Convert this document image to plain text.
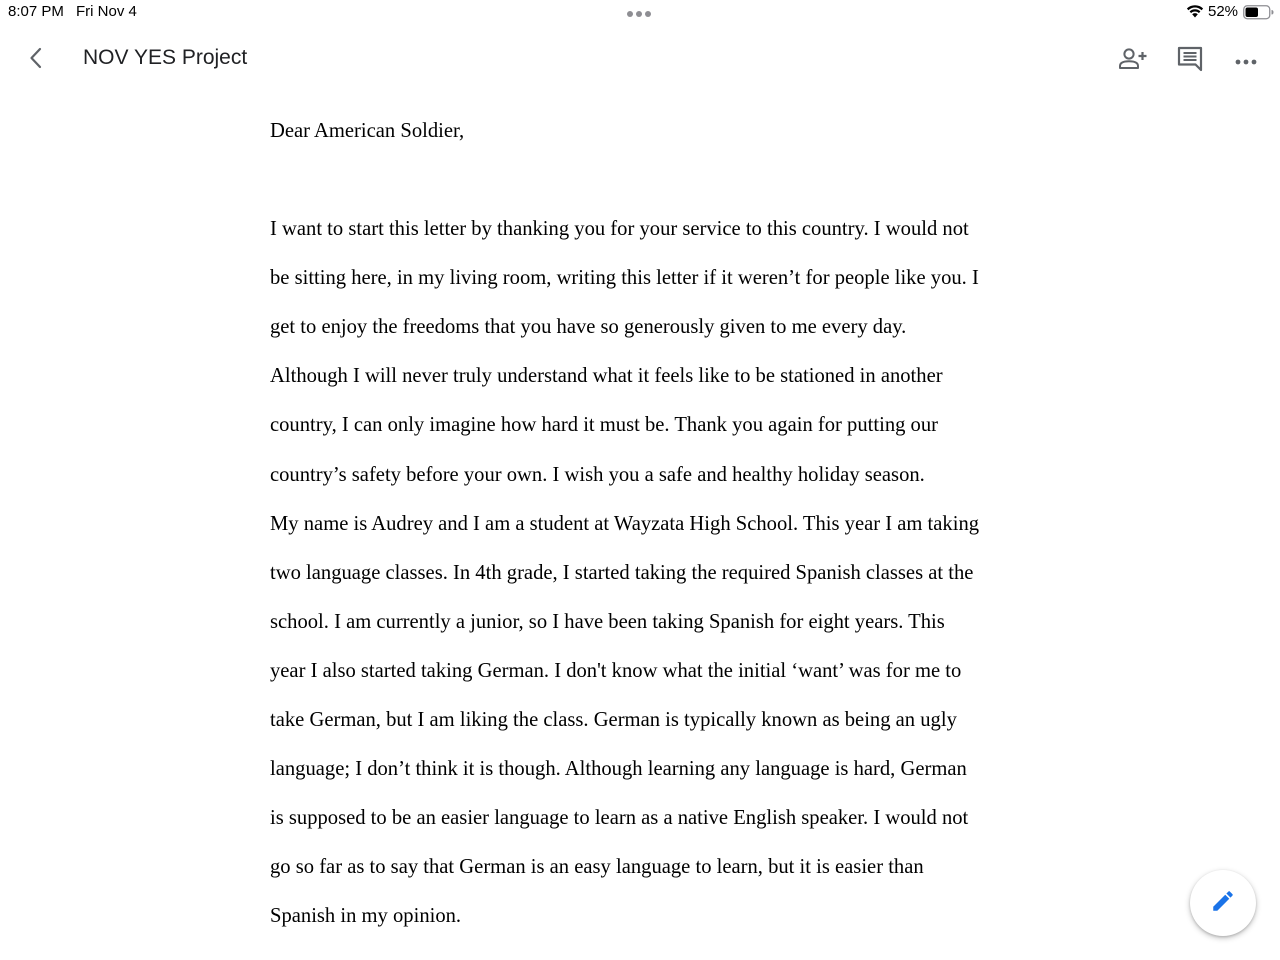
8:07 PM Fri Nov 4	52%
NOV YES Project
Dear American Soldier,
I want to start this letter by thanking you for your service to this country. I would not
be sitting here, in my living room, writing this letter if it weren’t for people like you. I
get to enjoy the freedoms that you have so generously given to me every day.
Although I will never truly understand what it feels like to be stationed in another
country, I can only imagine how hard it must be. Thank you again for putting our
country’s safety before your own. I wish you a safe and healthy holiday season.
My name is Audrey and I am a student at Wayzata High School. This year I am taking
two language classes. In 4th grade, I started taking the required Spanish classes at the
school. I am currently a junior, so I have been taking Spanish for eight years. This
year I also started taking German. I don't know what the initial ‘want’ was for me to
take German, but I am liking the class. German is typically known as being an ugly
language; I don’t think it is though. Although learning any language is hard, German
is supposed to be an easier language to learn as a native English speaker. I would not
go so far as to say that German is an easy language to learn, but it is easier than
Spanish in my opinion.
